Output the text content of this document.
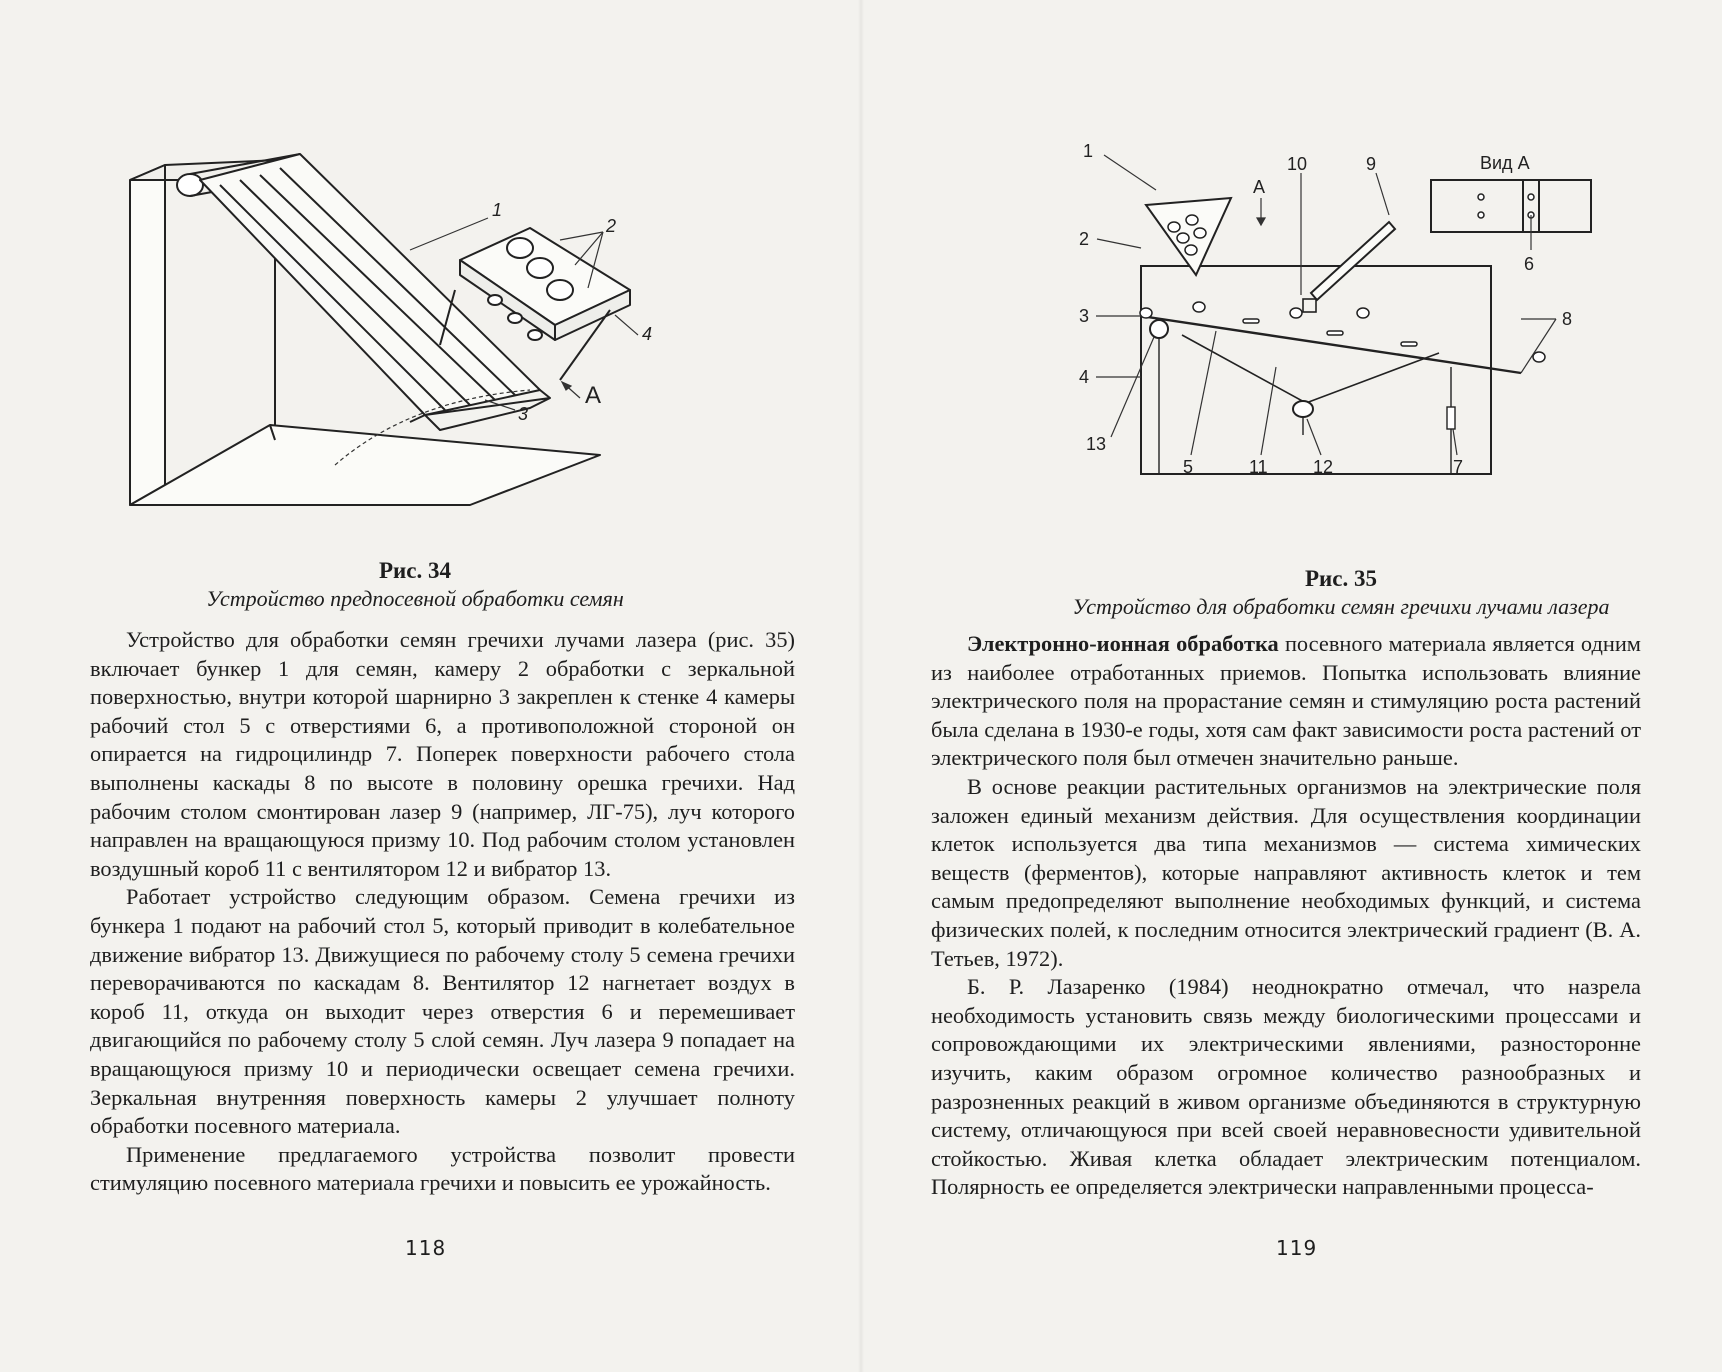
1
2
4
3
A
Рис. 34
Устройство предпосевной обработки семян

Устройство для обработки семян гречихи лучами лазера (рис. 35) включает бункер 1 для семян, камеру 2 обработки с зеркальной поверхностью, внутри которой шарнирно 3 закреплен к стенке 4 камеры рабочий стол 5 с отверстиями 6, а противоположной стороной он опирается на гидроцилиндр 7. Поперек поверхности рабочего стола выполнены каскады 8 по высоте в половину орешка гречихи. Над рабочим столом смонтирован лазер 9 (например, ЛГ-75), луч которого направлен на вращающуюся призму 10. Под рабочим столом установлен воздушный короб 11 с вентилятором 12 и вибратор 13.

Работает устройство следующим образом. Семена гречихи из бункера 1 подают на рабочий стол 5, который приводит в колебательное движение вибратор 13. Движущиеся по рабочему столу 5 семена гречихи переворачиваются по каскадам 8. Вентилятор 12 нагнетает воздух в короб 11, откуда он выходит через отверстия 6 и перемешивает двигающийся по рабочему столу 5 слой семян. Луч лазера 9 попадает на вращающуюся призму 10 и периодически освещает семена гречихи. Зеркальная внутренняя поверхность камеры 2 улучшает полноту обработки посевного материала.

Применение предлагаемого устройства позволит провести стимуляцию посевного материала гречихи и повысить ее урожайность.

118
1
10	9	Вид А
A
2
6
3	8
4
13
5	11	12	7
Рис. 35
Устройство для обработки семян гречихи лучами лазера

Электронно-ионная обработка посевного материала является одним из наиболее отработанных приемов. Попытка использовать влияние электрического поля на прорастание семян и стимуляцию роста растений была сделана в 1930-е годы, хотя сам факт зависимости роста растений от электрического поля был отмечен значительно раньше.

В основе реакции растительных организмов на электрические поля заложен единый механизм действия. Для осуществления координации клеток используется два типа механизмов — система химических веществ (ферментов), которые направляют активность клеток и тем самым предопределяют выполнение необходимых функций, и система физических полей, к последним относится электрический градиент (В. А. Тетьев, 1972).

Б. Р. Лазаренко (1984) неоднократно отмечал, что назрела необходимость установить связь между биологическими процессами и сопровождающими их электрическими явлениями, разносторонне изучить, каким образом огромное количество разнообразных и разрозненных реакций в живом организме объединяются в структурную систему, отличающуюся при всей своей неравновесности удивительной стойкостью. Живая клетка обладает электрическим потенциалом. Полярность ее определяется электрически направленными процесса-

119
